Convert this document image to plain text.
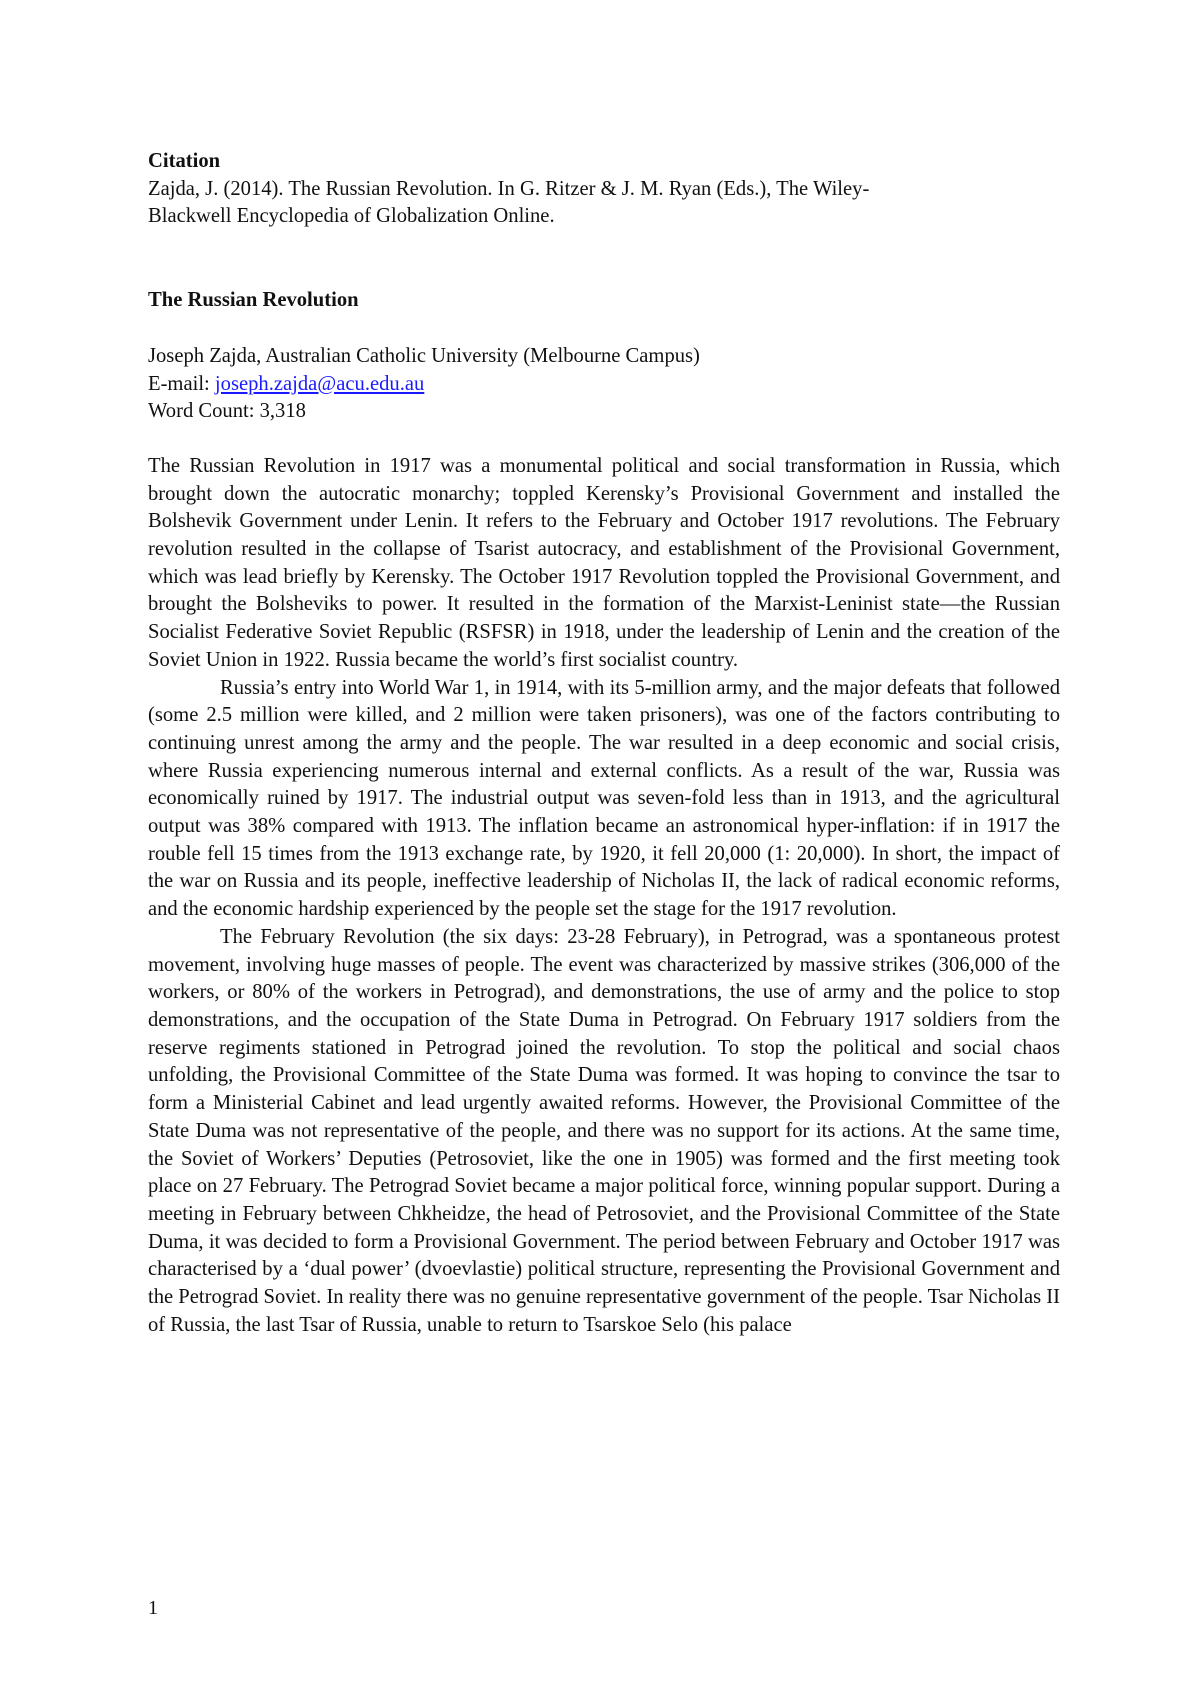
Citation

Zajda, J. (2014). The Russian Revolution. In G. Ritzer & J. M. Ryan (Eds.), The Wiley-

Blackwell Encyclopedia of Globalization Online.

The Russian Revolution

Joseph Zajda, Australian Catholic University (Melbourne Campus)

E-mail: joseph.zajda@acu.edu.au

Word Count: 3,318

The Russian Revolution in 1917 was a monumental political and social transformation in Russia, which brought down the autocratic monarchy; toppled Kerensky’s Provisional Government and installed the Bolshevik Government under Lenin. It refers to the February and October 1917 revolutions. The February revolution resulted in the collapse of Tsarist autocracy, and establishment of the Provisional Government, which was lead briefly by Kerensky. The October 1917 Revolution toppled the Provisional Government, and brought the Bolsheviks to power. It resulted in the formation of the Marxist-Leninist state—the Russian Socialist Federative Soviet Republic (RSFSR) in 1918, under the leadership of Lenin and the creation of the Soviet Union in 1922. Russia became the world’s first socialist country.

Russia’s entry into World War 1, in 1914, with its 5-million army, and the major defeats that followed (some 2.5 million were killed, and 2 million were taken prisoners), was one of the factors contributing to continuing unrest among the army and the people. The war resulted in a deep economic and social crisis, where Russia experiencing numerous internal and external conflicts. As a result of the war, Russia was economically ruined by 1917. The industrial output was seven-fold less than in 1913, and the agricultural output was 38% compared with 1913. The inflation became an astronomical hyper-inflation: if in 1917 the rouble fell 15 times from the 1913 exchange rate, by 1920, it fell 20,000 (1: 20,000). In short, the impact of the war on Russia and its people, ineffective leadership of Nicholas II, the lack of radical economic reforms, and the economic hardship experienced by the people set the stage for the 1917 revolution.

The February Revolution (the six days: 23-28 February), in Petrograd, was a spontaneous protest movement, involving huge masses of people. The event was characterized by massive strikes (306,000 of the workers, or 80% of the workers in Petrograd), and demonstrations, the use of army and the police to stop demonstrations, and the occupation of the State Duma in Petrograd. On February 1917 soldiers from the reserve regiments stationed in Petrograd joined the revolution. To stop the political and social chaos unfolding, the Provisional Committee of the State Duma was formed. It was hoping to convince the tsar to form a Ministerial Cabinet and lead urgently awaited reforms. However, the Provisional Committee of the State Duma was not representative of the people, and there was no support for its actions. At the same time, the Soviet of Workers’ Deputies (Petrosoviet, like the one in 1905) was formed and the first meeting took place on 27 February. The Petrograd Soviet became a major political force, winning popular support. During a meeting in February between Chkheidze, the head of Petrosoviet, and the Provisional Committee of the State Duma, it was decided to form a Provisional Government. The period between February and October 1917 was characterised by a ‘dual power’ (dvoevlastie) political structure, representing the Provisional Government and the Petrograd Soviet. In reality there was no genuine representative government of the people. Tsar Nicholas II of Russia, the last Tsar of Russia, unable to return to Tsarskoe Selo (his palace

1
